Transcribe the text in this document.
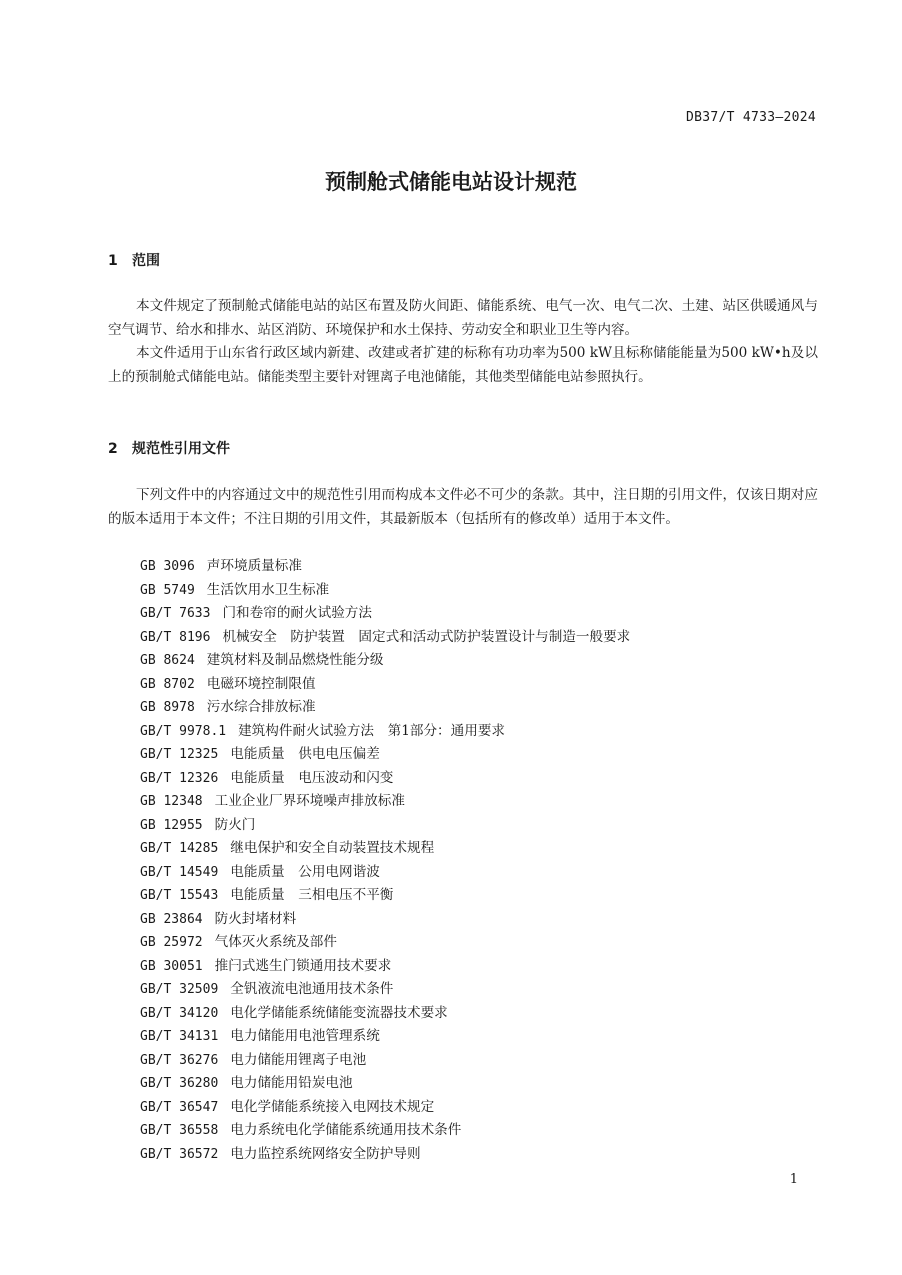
DB37/T 4733—2024
预制舱式储能电站设计规范
1 范围

本文件规定了预制舱式储能电站的站区布置及防火间距、储能系统、电气一次、电气二次、土建、站区供暖通风与空气调节、给水和排水、站区消防、环境保护和水土保持、劳动安全和职业卫生等内容。

本文件适用于山东省行政区域内新建、改建或者扩建的标称有功功率为500 kW且标称储能能量为500 kW•h及以上的预制舱式储能电站。储能类型主要针对锂离子电池储能，其他类型储能电站参照执行。

2 规范性引用文件

下列文件中的内容通过文中的规范性引用而构成本文件必不可少的条款。其中，注日期的引用文件，仅该日期对应的版本适用于本文件；不注日期的引用文件，其最新版本（包括所有的修改单）适用于本文件。

GB 3096 声环境质量标准
GB 5749 生活饮用水卫生标准
GB/T 7633 门和卷帘的耐火试验方法
GB/T 8196 机械安全　防护装置　固定式和活动式防护装置设计与制造一般要求
GB 8624 建筑材料及制品燃烧性能分级
GB 8702 电磁环境控制限值
GB 8978 污水综合排放标准
GB/T 9978.1 建筑构件耐火试验方法　第1部分：通用要求
GB/T 12325 电能质量　供电电压偏差
GB/T 12326 电能质量　电压波动和闪变
GB 12348 工业企业厂界环境噪声排放标准
GB 12955 防火门
GB/T 14285 继电保护和安全自动装置技术规程
GB/T 14549 电能质量　公用电网谐波
GB/T 15543 电能质量　三相电压不平衡
GB 23864 防火封堵材料
GB 25972 气体灭火系统及部件
GB 30051 推闩式逃生门锁通用技术要求
GB/T 32509 全钒液流电池通用技术条件
GB/T 34120 电化学储能系统储能变流器技术要求
GB/T 34131 电力储能用电池管理系统
GB/T 36276 电力储能用锂离子电池
GB/T 36280 电力储能用铅炭电池
GB/T 36547 电化学储能系统接入电网技术规定
GB/T 36558 电力系统电化学储能系统通用技术条件
GB/T 36572 电力监控系统网络安全防护导则
1
